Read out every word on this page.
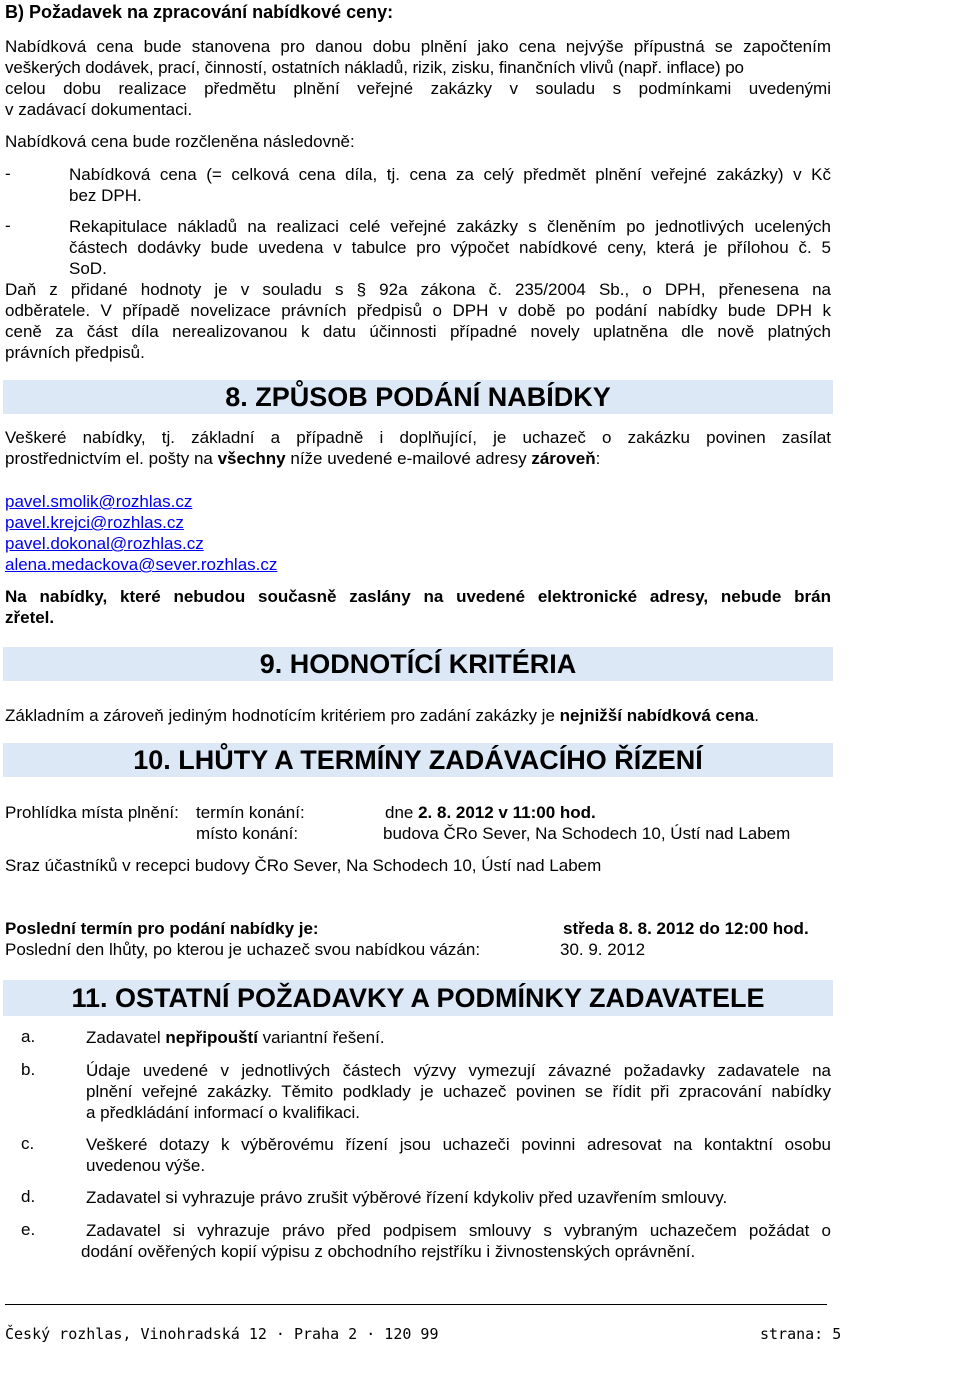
B) Požadavek na zpracování nabídkové ceny:
Nabídková cena bude stanovena pro danou dobu plnění jako cena nejvýše přípustná se započtením
veškerých dodávek, prací, činností, ostatních nákladů, rizik, zisku, finančních vlivů (např. inflace) po
celou dobu realizace předmětu plnění veřejné zakázky v souladu s podmínkami uvedenými
v zadávací dokumentaci.
Nabídková cena bude rozčleněna následovně:
-	Nabídková cena (= celková cena díla, tj. cena za celý předmět plnění veřejné zakázky) v Kč
bez DPH.
-	Rekapitulace nákladů na realizaci celé veřejné zakázky s členěním po jednotlivých ucelených
částech dodávky bude uvedena v tabulce pro výpočet nabídkové ceny, která je přílohou č. 5
SoD.
Daň z přidané hodnoty je v souladu s § 92a zákona č. 235/2004 Sb., o DPH, přenesena na
odběratele. V případě novelizace právních předpisů o DPH v době po podání nabídky bude DPH k
ceně za část díla nerealizovanou k datu účinnosti případné novely uplatněna dle nově platných
právních předpisů.
8. ZPŮSOB PODÁNÍ NABÍDKY
Veškeré nabídky, tj. základní a případně i doplňující, je uchazeč o zakázku povinen zasílat
prostřednictvím el. pošty na všechny níže uvedené e-mailové adresy zároveň:
pavel.smolik@rozhlas.cz
pavel.krejci@rozhlas.cz
pavel.dokonal@rozhlas.cz
alena.medackova@sever.rozhlas.cz
Na nabídky, které nebudou současně zaslány na uvedené elektronické adresy, nebude brán
zřetel.
9. HODNOTÍCÍ KRITÉRIA
Základním a zároveň jediným hodnotícím kritériem pro zadání zakázky je nejnižší nabídková cena.
10. LHŮTY A TERMÍNY ZADÁVACÍHO ŘÍZENÍ
Prohlídka místa plnění: termín konání:	dne 2. 8. 2012 v 11:00 hod.
místo konání:	budova ČRo Sever, Na Schodech 10, Ústí nad Labem
Sraz účastníků v recepci budovy ČRo Sever, Na Schodech 10, Ústí nad Labem
Poslední termín pro podání nabídky je:	středa 8. 8. 2012 do 12:00 hod.
Poslední den lhůty, po kterou je uchazeč svou nabídkou vázán:	30. 9. 2012
11. OSTATNÍ POŽADAVKY A PODMÍNKY ZADAVATELE
a.	Zadavatel nepřipouští variantní řešení.
b.	Údaje uvedené v jednotlivých částech výzvy vymezují závazné požadavky zadavatele na
plnění veřejné zakázky. Těmito podklady je uchazeč povinen se řídit při zpracování nabídky
a předkládání informací o kvalifikaci.
c.	Veškeré dotazy k výběrovému řízení jsou uchazeči povinni adresovat na kontaktní osobu
uvedenou výše.
d.	Zadavatel si vyhrazuje právo zrušit výběrové řízení kdykoliv před uzavřením smlouvy.
e.	Zadavatel si vyhrazuje právo před podpisem smlouvy s vybraným uchazečem požádat o
dodání ověřených kopií výpisu z obchodního rejstříku i živnostenských oprávnění.
Český rozhlas, Vinohradská 12 · Praha 2 · 120 99	strana: 5
